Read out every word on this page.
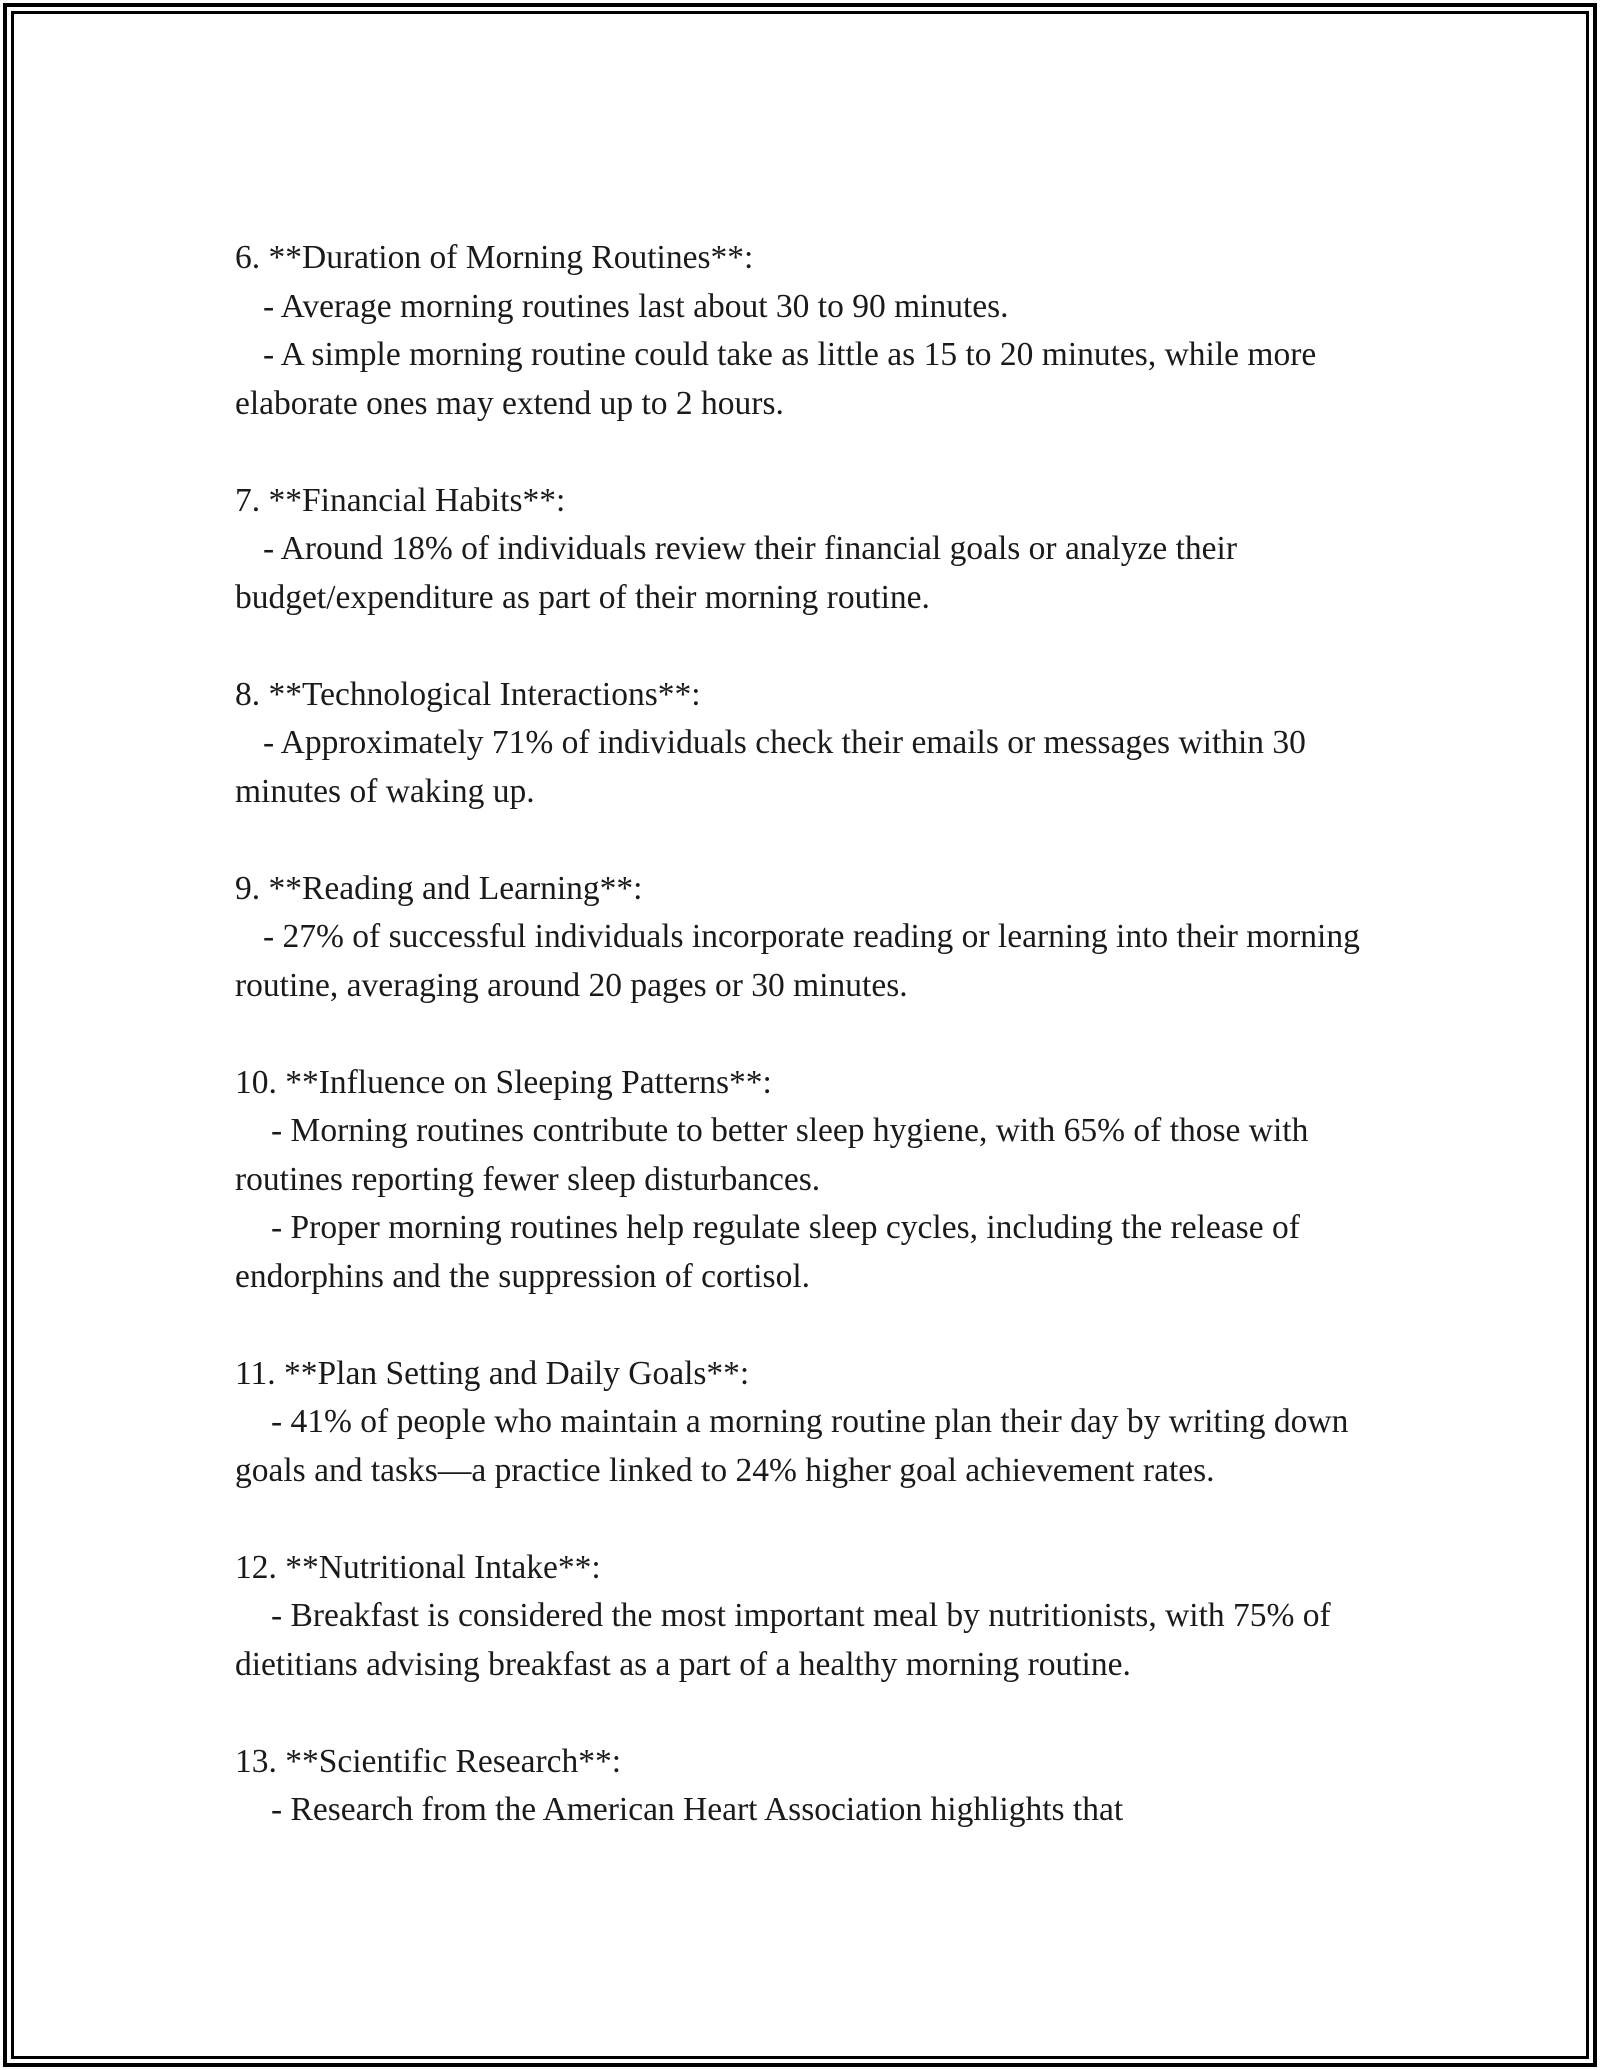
6. **Duration of Morning Routines**:

- Average morning routines last about 30 to 90 minutes.

- A simple morning routine could take as little as 15 to 20 minutes, while more elaborate ones may extend up to 2 hours.

7. **Financial Habits**:

- Around 18% of individuals review their financial goals or analyze their budget/expenditure as part of their morning routine.

8. **Technological Interactions**:

- Approximately 71% of individuals check their emails or messages within 30 minutes of waking up.

9. **Reading and Learning**:

- 27% of successful individuals incorporate reading or learning into their morning routine, averaging around 20 pages or 30 minutes.

10. **Influence on Sleeping Patterns**:

- Morning routines contribute to better sleep hygiene, with 65% of those with routines reporting fewer sleep disturbances.

- Proper morning routines help regulate sleep cycles, including the release of endorphins and the suppression of cortisol.

11. **Plan Setting and Daily Goals**:

- 41% of people who maintain a morning routine plan their day by writing down goals and tasks—a practice linked to 24% higher goal achievement rates.

12. **Nutritional Intake**:

- Breakfast is considered the most important meal by nutritionists, with 75% of dietitians advising breakfast as a part of a healthy morning routine.

13. **Scientific Research**:

- Research from the American Heart Association highlights that
